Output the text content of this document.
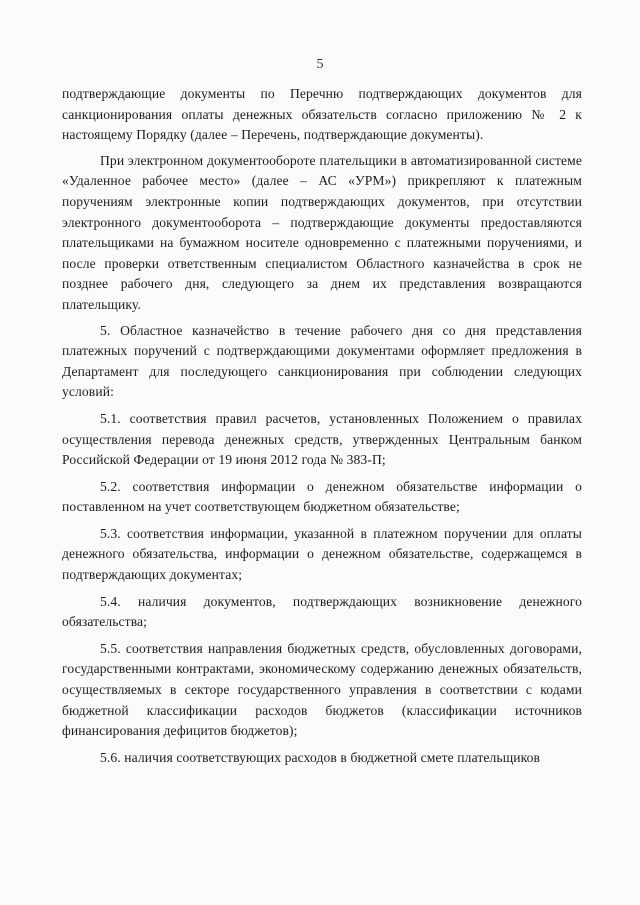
5

подтверждающие документы по Перечню подтверждающих документов для санкционирования оплаты денежных обязательств согласно приложению № 2 к настоящему Порядку (далее – Перечень, подтверждающие документы).

При электронном документообороте плательщики в автоматизированной системе «Удаленное рабочее место» (далее – АС «УРМ») прикрепляют к платежным поручениям электронные копии подтверждающих документов, при отсутствии электронного документооборота – подтверждающие документы предоставляются плательщиками на бумажном носителе одновременно с платежными поручениями, и после проверки ответственным специалистом Областного казначейства в срок не позднее рабочего дня, следующего за днем их представления возвращаются плательщику.

5. Областное казначейство в течение рабочего дня со дня представления платежных поручений с подтверждающими документами оформляет предложения в Департамент для последующего санкционирования при соблюдении следующих условий:

5.1. соответствия правил расчетов, установленных Положением о правилах осуществления перевода денежных средств, утвержденных Центральным банком Российской Федерации от 19 июня 2012 года № 383-П;

5.2. соответствия информации о денежном обязательстве информации о поставленном на учет соответствующем бюджетном обязательстве;

5.3. соответствия информации, указанной в платежном поручении для оплаты денежного обязательства, информации о денежном обязательстве, содержащемся в подтверждающих документах;

5.4. наличия документов, подтверждающих возникновение денежного обязательства;

5.5. соответствия направления бюджетных средств, обусловленных договорами, государственными контрактами, экономическому содержанию денежных обязательств, осуществляемых в секторе государственного управления в соответствии с кодами бюджетной классификации расходов бюджетов (классификации источников финансирования дефицитов бюджетов);

5.6. наличия соответствующих расходов в бюджетной смете плательщиков
